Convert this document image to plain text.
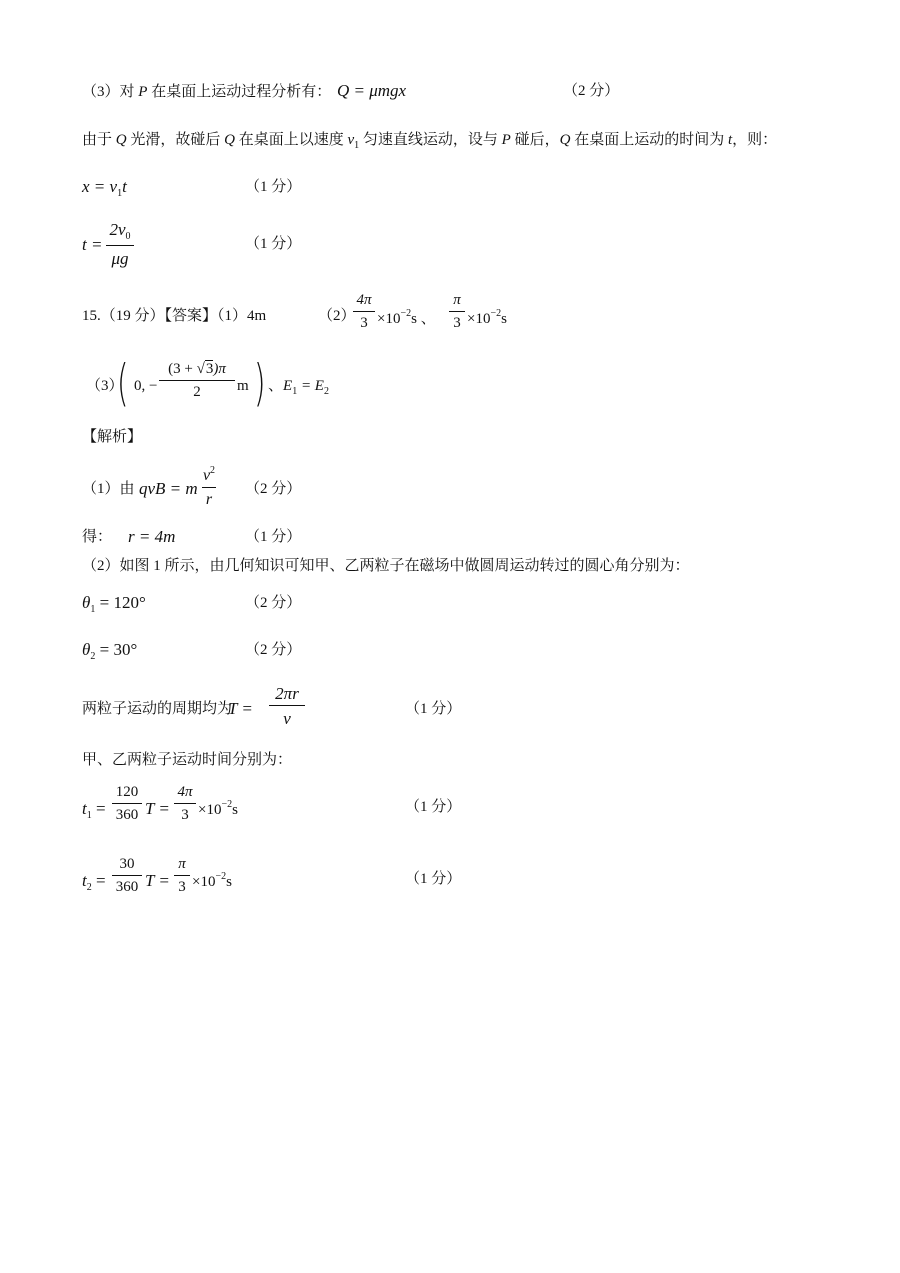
（3）对 P 在桌面上运动过程分析有： Q = μmgx	（2 分）
由于 Q 光滑，故碰后 Q 在桌面上以速度 $v_1$ 匀速直线运动，设与 P 碰后，Q 在桌面上运动的时间为 t，则：
$x = v_1t$	（1 分）
t =
$2v_0$
μg
（1 分）
15.（19 分）【答案】（1）4m	（2）
4π
$3 \times 10^{-2}s$ 、
π
$3 \times 10^{-2}s$
（3）
( 0, −
(3 + √3)π
2	m ) 、$E_1 = E_2$
【解析】
（1）由 qvB = m
$v^2$
r
（2 分）
得： r = 4m	（1 分）
（2）如图 1 所示，由几何知识可知甲、乙两粒子在磁场中做圆周运动转过的圆心角分别为：
$\theta_1 = 120^\circ$	（2 分）
$\theta_2 = 30^\circ$	（2 分）
两粒子运动的周期均为
T =
2πr
v	（1 分）
甲、乙两粒子运动时间分别为：
$t_1$ =
120
360 T =
4π
$3 \times 10^{-2}s$	（1 分）
$t_2$ =
30
360 T =
π
$3 \times 10^{-2}s$	（1 分）
